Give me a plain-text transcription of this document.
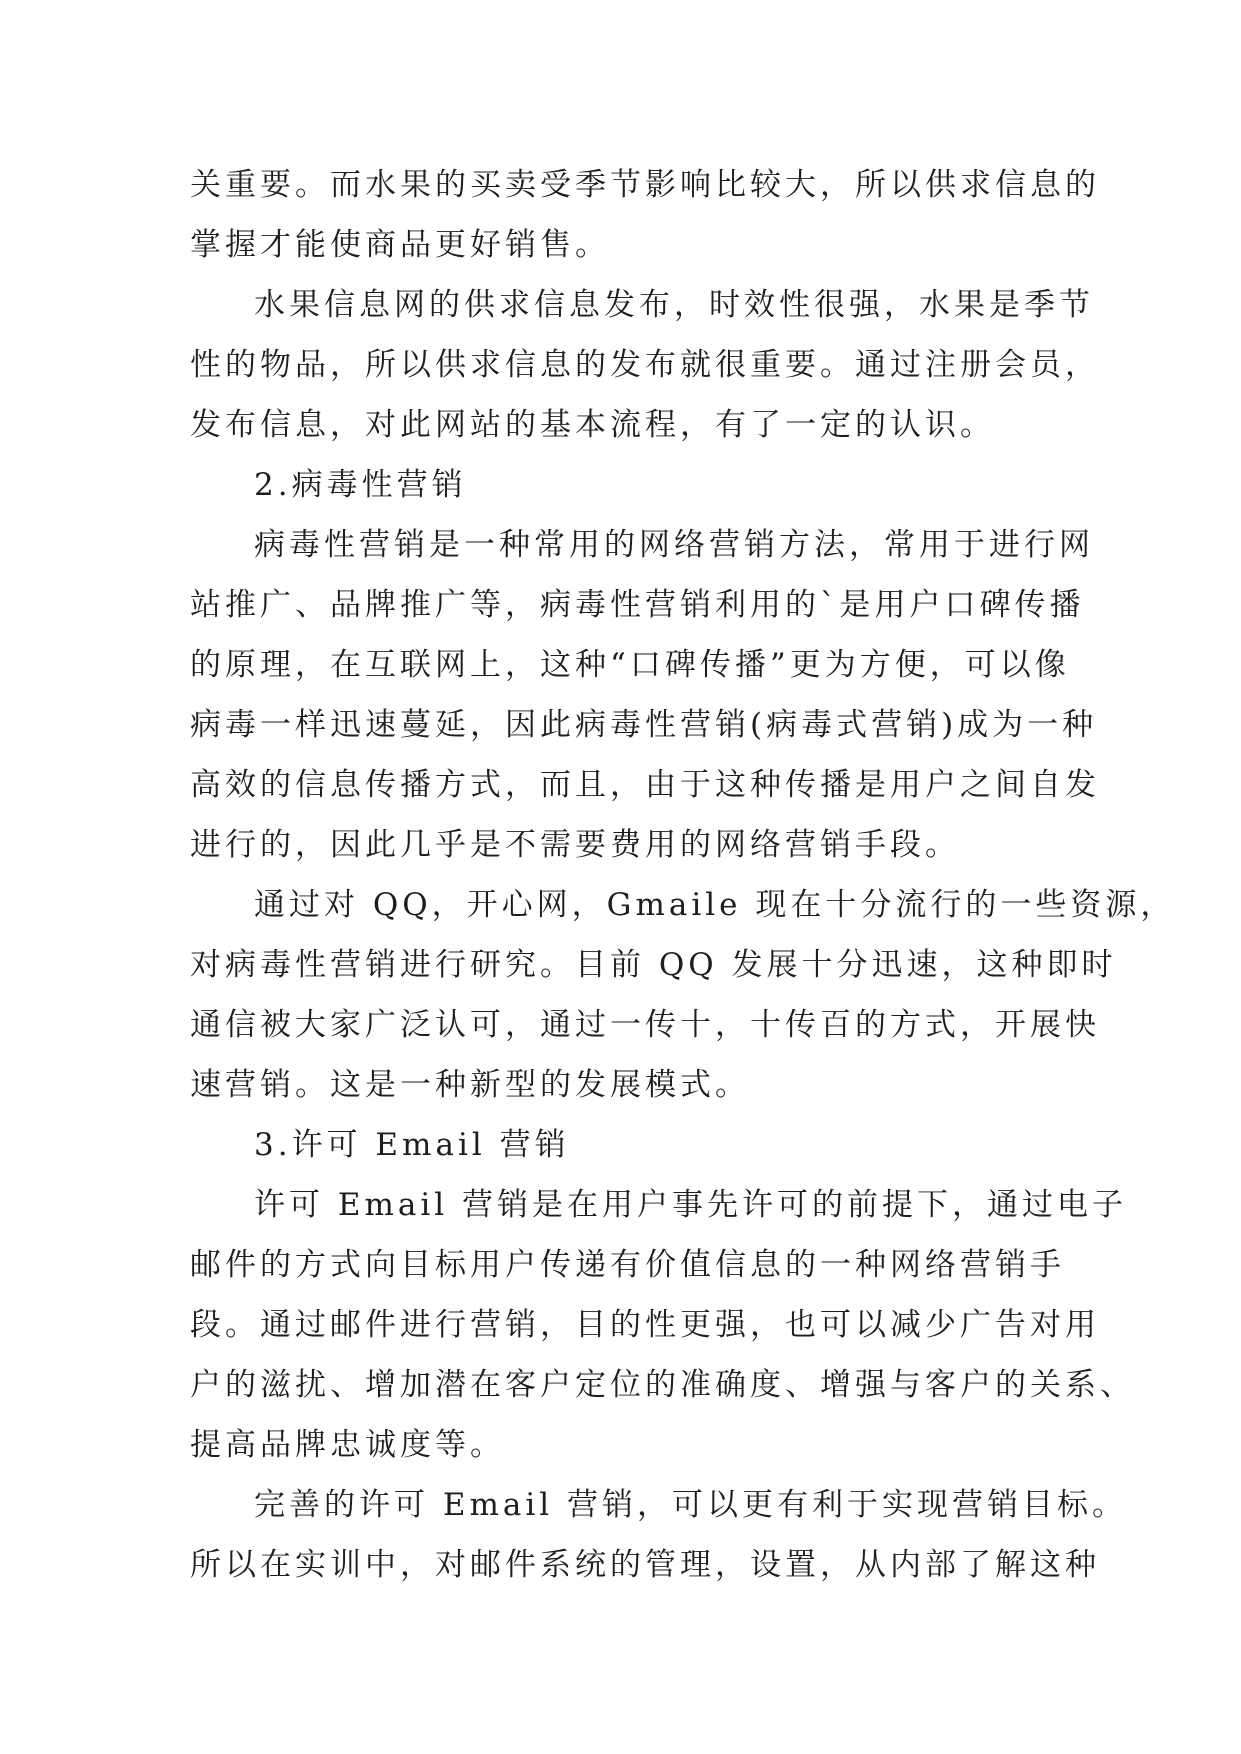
关重要。而水果的买卖受季节影响比较大，所以供求信息的
掌握才能使商品更好销售。
水果信息网的供求信息发布，时效性很强，水果是季节
性的物品，所以供求信息的发布就很重要。通过注册会员，
发布信息，对此网站的基本流程，有了一定的认识。
2.病毒性营销
病毒性营销是一种常用的网络营销方法，常用于进行网
站推广、品牌推广等，病毒性营销利用的`是用户口碑传播
的原理，在互联网上，这种“口碑传播”更为方便，可以像
病毒一样迅速蔓延，因此病毒性营销(病毒式营销)成为一种
高效的信息传播方式，而且，由于这种传播是用户之间自发
进行的，因此几乎是不需要费用的网络营销手段。
通过对 QQ，开心网，Gmaile 现在十分流行的一些资源，
对病毒性营销进行研究。目前 QQ 发展十分迅速，这种即时
通信被大家广泛认可，通过一传十，十传百的方式，开展快
速营销。这是一种新型的发展模式。
3.许可 Email 营销
许可 Email 营销是在用户事先许可的前提下，通过电子
邮件的方式向目标用户传递有价值信息的一种网络营销手
段。通过邮件进行营销，目的性更强，也可以减少广告对用
户的滋扰、增加潜在客户定位的准确度、增强与客户的关系、
提高品牌忠诚度等。
完善的许可 Email 营销，可以更有利于实现营销目标。
所以在实训中，对邮件系统的管理，设置，从内部了解这种
